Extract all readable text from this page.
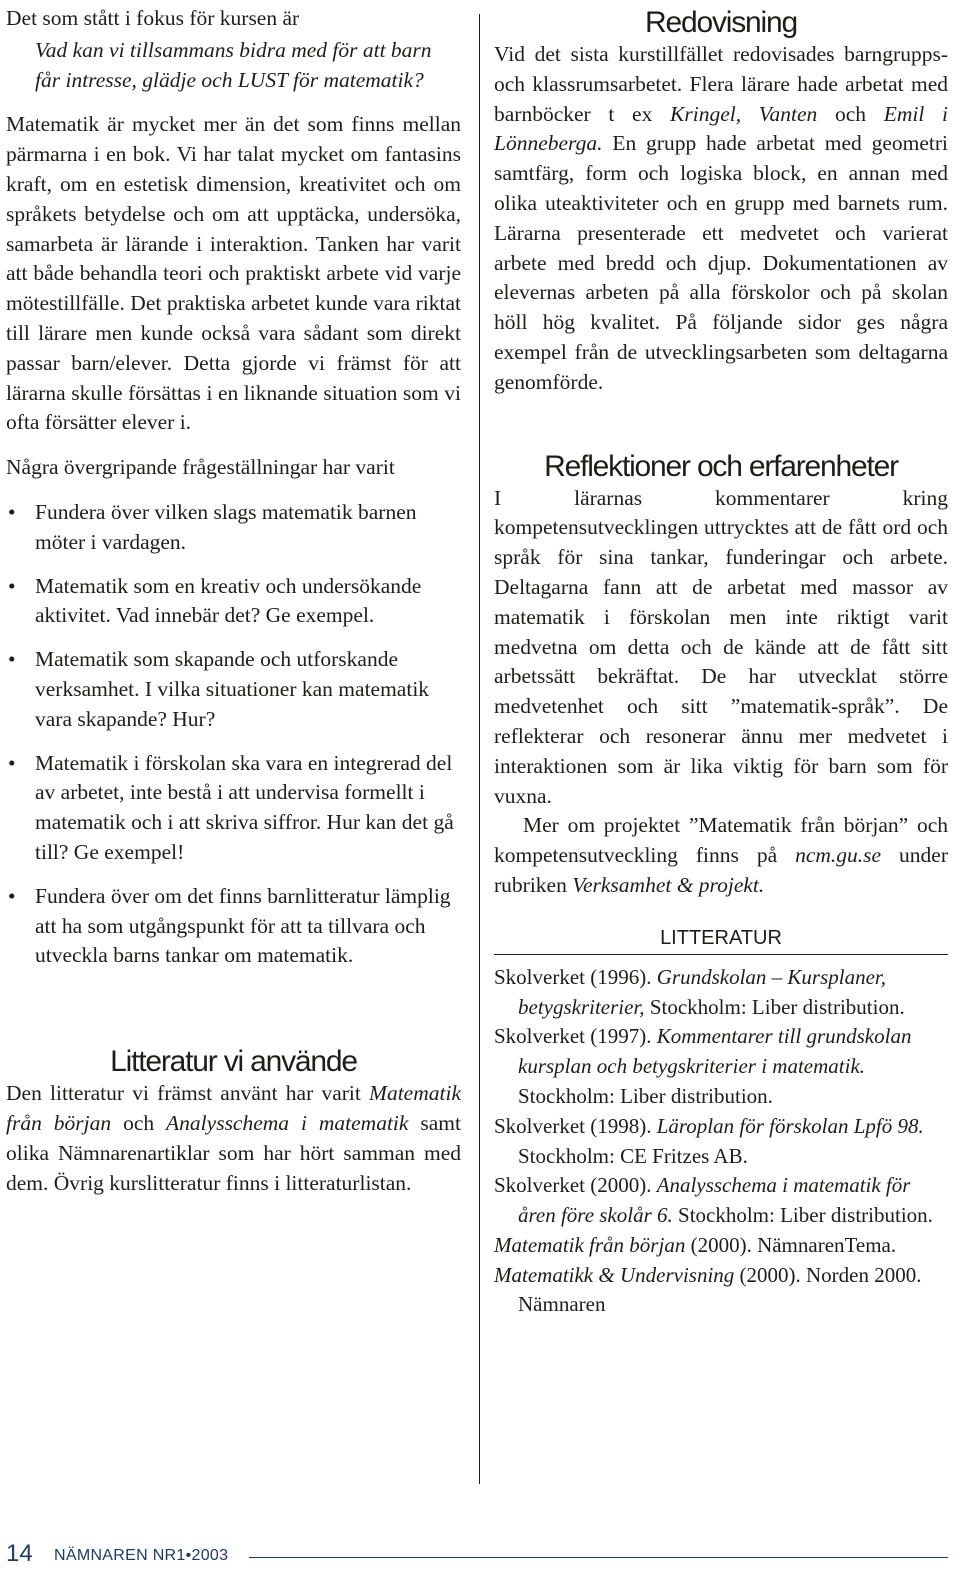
Det som stått i fokus för kursen är

Vad kan vi tillsammans bidra med för att barn får intresse, glädje och LUST för matematik?

Matematik är mycket mer än det som finns mellan pärmarna i en bok. Vi har talat mycket om fantasins kraft, om en estetisk dimension, kreativitet och om språkets betydelse och om att upptäcka, undersöka, samarbeta är lärande i interaktion. Tanken har varit att både behandla teori och praktiskt arbete vid varje mötestillfälle. Det praktiska arbetet kunde vara riktat till lärare men kunde också vara sådant som direkt passar barn/elever. Detta gjorde vi främst för att lärarna skulle försättas i en liknande situation som vi ofta försätter elever i.

Några övergripande frågeställningar har varit

• Fundera över vilken slags matematik barnen möter i vardagen.
• Matematik som en kreativ och undersökande aktivitet. Vad innebär det? Ge exempel.
• Matematik som skapande och utforskande verksamhet. I vilka situationer kan matematik vara skapande? Hur?
• Matematik i förskolan ska vara en integrerad del av arbetet, inte bestå i att undervisa formellt i matematik och i att skriva siffror. Hur kan det gå till? Ge exempel!
• Fundera över om det finns barnlitteratur lämplig att ha som utgångspunkt för att ta tillvara och utveckla barns tankar om matematik.
Litteratur vi använde

Den litteratur vi främst använt har varit Matematik från början och Analysschema i matematik samt olika Nämnarenartiklar som har hört samman med dem. Övrig kurslitteratur finns i litteraturlistan.

Redovisning

Vid det sista kurstillfället redovisades barngrupps- och klassrumsarbetet. Flera lärare hade arbetat med barnböcker t ex Kringel, Vanten och Emil i Lönneberga. En grupp hade arbetat med geometri samtfärg, form och logiska block, en annan med olika uteaktiviteter och en grupp med barnets rum. Lärarna presenterade ett medvetet och varierat arbete med bredd och djup. Dokumentationen av elevernas arbeten på alla förskolor och på skolan höll hög kvalitet. På följande sidor ges några exempel från de utvecklingsarbeten som deltagarna genomförde.

Reflektioner och erfarenheter

I lärarnas kommentarer kring kompetensutvecklingen uttrycktes att de fått ord och språk för sina tankar, funderingar och arbete. Deltagarna fann att de arbetat med massor av matematik i förskolan men inte riktigt varit medvetna om detta och de kände att de fått sitt arbetssätt bekräftat. De har utvecklat större medvetenhet och sitt ”matematik-språk”. De reflekterar och resonerar ännu mer medvetet i interaktionen som är lika viktig för barn som för vuxna.

Mer om projektet ”Matematik från början” och kompetensutveckling finns på ncm.gu.se under rubriken Verksamhet & projekt.

LITTERATUR

Skolverket (1996). Grundskolan – Kursplaner, betygskriterier, Stockholm: Liber distribution.

Skolverket (1997). Kommentarer till grundskolan kursplan och betygskriterier i matematik. Stockholm: Liber distribution.

Skolverket (1998). Läroplan för förskolan Lpfö 98. Stockholm: CE Fritzes AB.

Skolverket (2000). Analysschema i matematik för åren före skolår 6. Stockholm: Liber distribution.

Matematik från början (2000). NämnarenTema.

Matematikk & Undervisning (2000). Norden 2000. Nämnaren

14 NÄMNAREN NR1•2003
